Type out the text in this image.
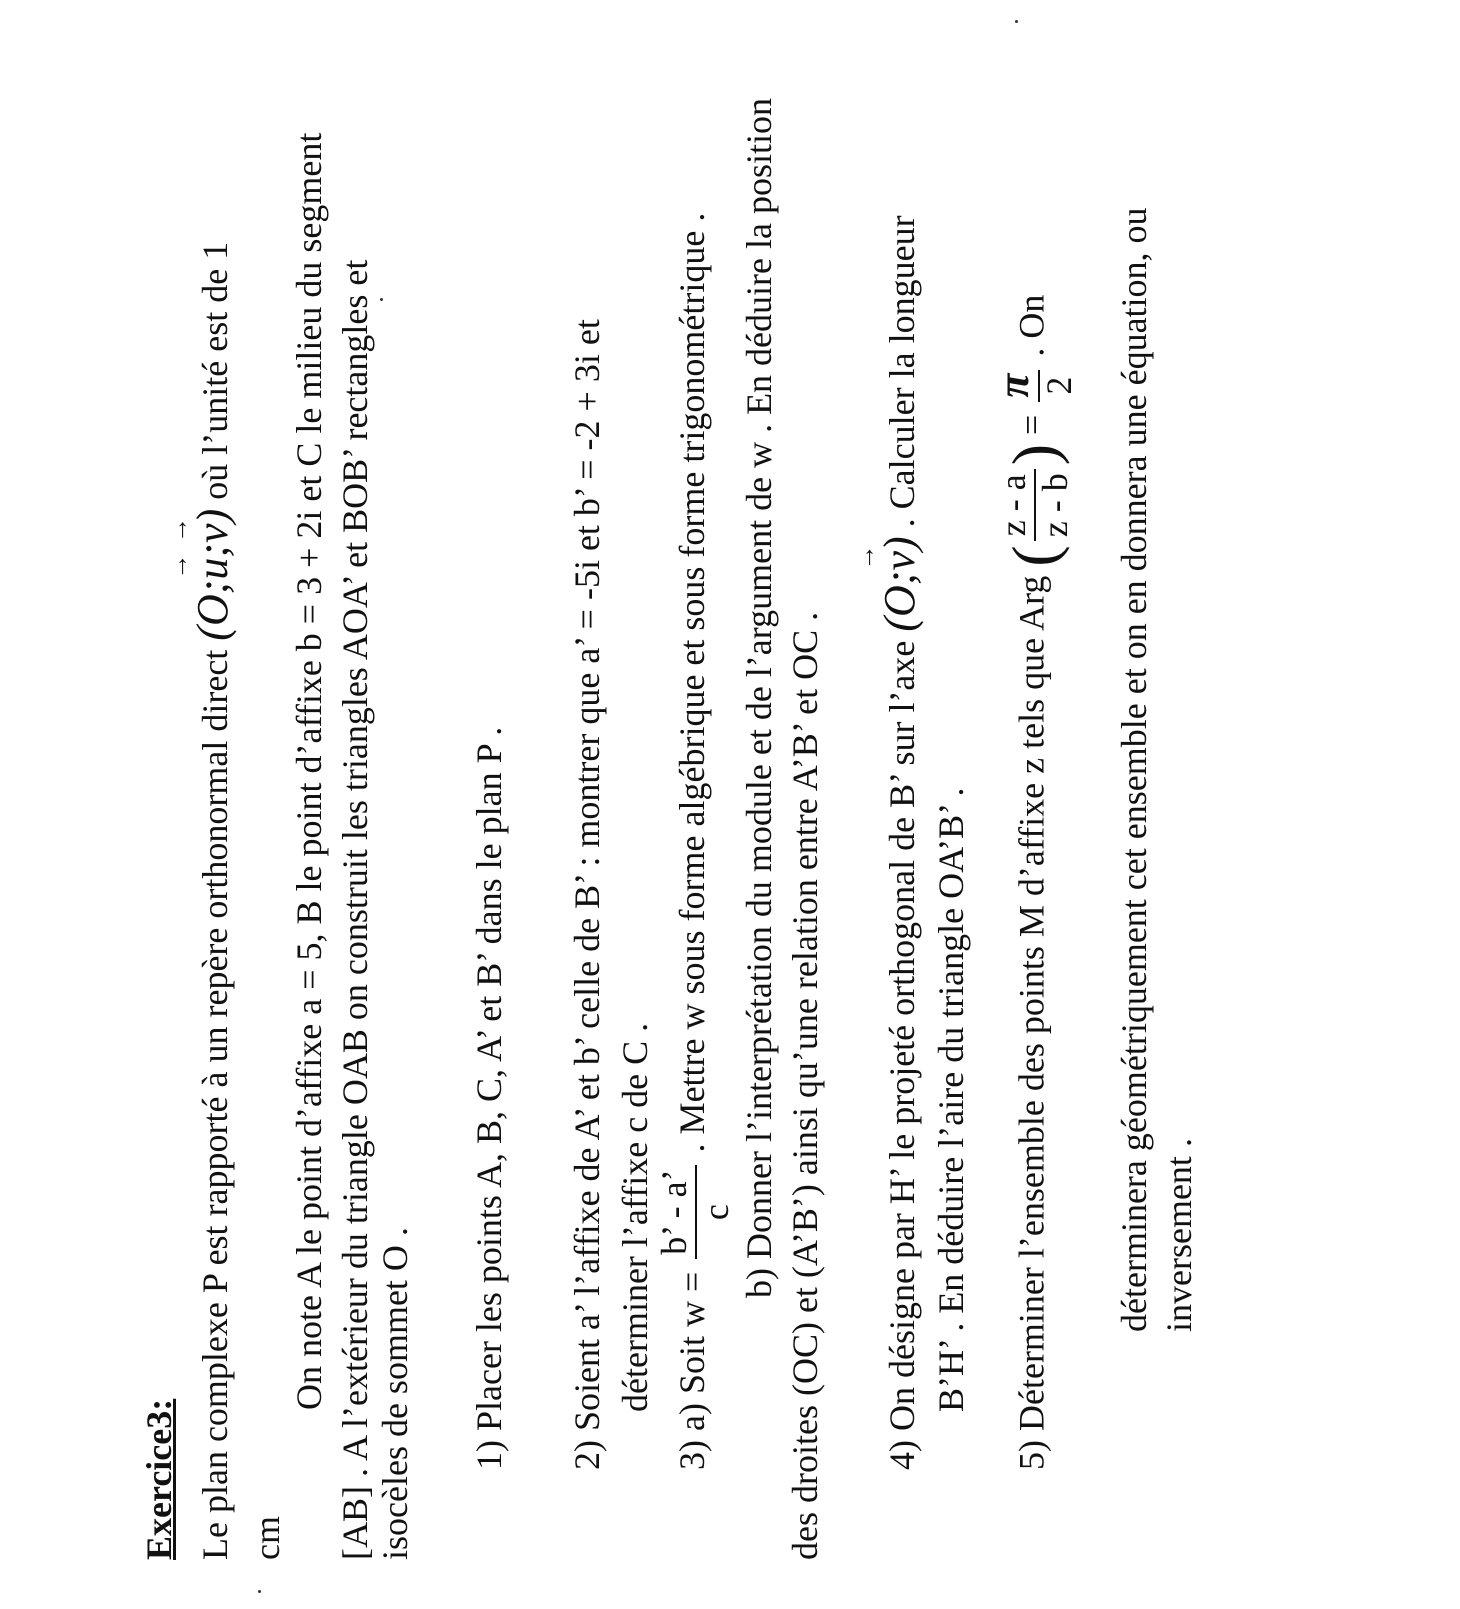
Exercice3: Le plan complexe P est rapporté à un repère orthonormal direct (O;→ u;→ v) où l’unité est de 1
cm
On note A le point d’affixe a = 5, B le point d’affixe b = 3 + 2i et C le milieu du segment [AB] . A l’extérieur du triangle OAB on construit les triangles AOA’ et BOB’ rectangles et isocèles de sommet O . 1) Placer les points A, B, C, A’ et B’ dans le plan P . 2) Soient a’ l’affixe de A’ et b’ celle de B’ : montrer que a’ = -5i et b’ = -2 + 3i et déterminer l’affixe c de C . 3) a) Soit w =
b’ - a’ c
. Mettre w sous forme algébrique et sous forme trigonométrique . b) Donner l’interprétation du module et de l’argument de w . En déduire la position des droites (OC) et (A’B’) ainsi qu’une relation entre A’B’ et OC .	4) On désigne par H’ le projeté orthogonal de B’ sur l’axe (O;→ v) . Calculer la longueur
B’H’ . En déduire l’aire du triangle OA’B’ .	5) Déterminer l’ensemble des points M d’affixe z tels que Arg (
z - a z - b
) =
π 2
. On	déterminera géométriquement cet ensemble et on en donnera une équation, ou inversement .
